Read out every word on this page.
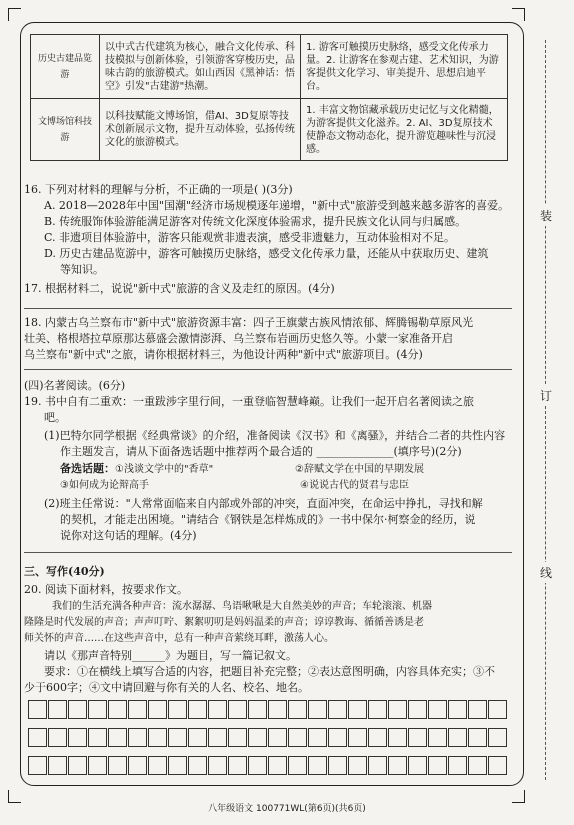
装
订
线
历史古建品览游	以中式古代建筑为核心，融合文化传承、科技模拟与创新体验，引领游客穿梭历史，品味古韵的旅游模式。如山西因《黑神话：悟空》引发"古建游"热潮。	1. 游客可触摸历史脉络，感受文化传承力量。2. 让游客在参观古建、艺术知识，为游客提供文化学习、审美提升、思想启迪平台。
文博场馆科技游	以科技赋能文博场馆，借AI、3D复原等技术创新展示文物，提升互动体验，弘扬传统文化的旅游模式。	1. 丰富文物馆藏承载历史记忆与文化精髓，为游客提供文化滋养。2. AI、3D复原技术使静态文物动态化，提升游览趣味性与沉浸感。
16. 下列对材料的理解与分析，不正确的一项是( )(3分)
A. 2018—2028年中国"国潮"经济市场规模逐年递增，"新中式"旅游受到越来越多游客的喜爱。
B. 传统服饰体验游能满足游客对传统文化深度体验需求，提升民族文化认同与归属感。
C. 非遗项目体验游中，游客只能观赏非遗表演，感受非遗魅力，互动体验相对不足。
D. 历史古建品览游中，游客可触摸历史脉络，感受文化传承力量，还能从中获取历史、建筑
等知识。
17. 根据材料二，说说"新中式"旅游的含义及走红的原因。(4分)
18. 内蒙古乌兰察布市"新中式"旅游资源丰富：四子王旗蒙古族风情浓郁、辉腾锡勒草原风光
壮美、格根塔拉草原那达慕盛会激情澎湃、乌兰察布岩画历史悠久等。小蒙一家准备开启
乌兰察布"新中式"之旅，请你根据材料三，为他设计两种"新中式"旅游项目。(4分)
(四)名著阅读。(6分)
19. 书中自有二重欢：一重跋涉字里行间，一重登临智慧峰巅。让我们一起开启名著阅读之旅
吧。
(1)巴特尔同学根据《经典常谈》的介绍，准备阅读《汉书》和《离骚》，并结合二者的共性内容
作主题发言，请从下面备选话题中推荐两个最合适的 ______________(填序号)(2分)
备选话题：①浅谈文学中的"香草"	②辞赋文学在中国的早期发展
③如何成为论辩高手	④说说古代的贤君与忠臣
(2)班主任常说："人常常面临来自内部或外部的冲突，直面冲突，在命运中挣扎，寻找和解
的契机，才能走出困境。"请结合《钢铁是怎样炼成的》一书中保尔·柯察金的经历，说
说你对这句话的理解。(4分)
三、写作(40分)
20. 阅读下面材料，按要求作文。
我们的生活充满各种声音：流水潺潺、鸟语啾啾是大自然美妙的声音；车轮滚滚、机器
隆隆是时代发展的声音；声声叮咛、絮絮叨叨是妈妈温柔的声音；谆谆教诲、循循善诱是老
师关怀的声音……在这些声音中，总有一种声音萦绕耳畔，激荡人心。
请以《那声音特别______》为题目，写一篇记叙文。
要求：①在横线上填写合适的内容，把题目补充完整；②表达意图明确，内容具体充实；③不
少于600字；④文中请回避与你有关的人名、校名、地名。
八年级语文 100771WL(第6页)(共6页)
